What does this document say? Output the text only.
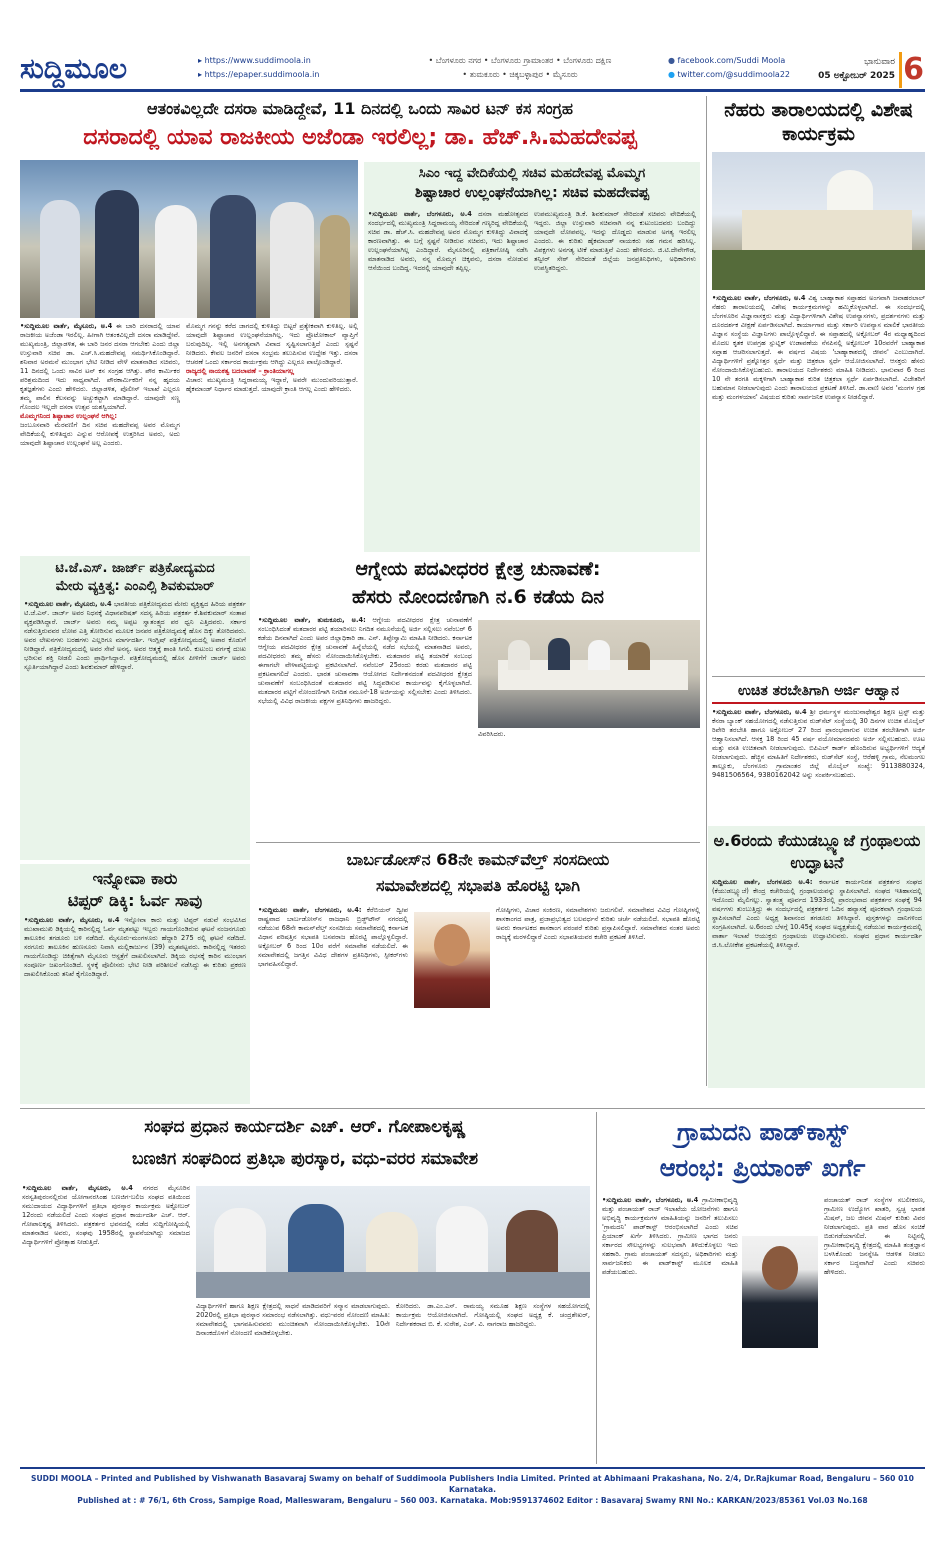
ಸುದ್ದಿಮೂಲ	▸ https://www.suddimoola.in
▸ https://epaper.suddimoola.in
• ಬೆಂಗಳೂರು ನಗರ • ಬೆಂಗಳೂರು ಗ್ರಾಮಾಂತರ • ಬೆಂಗಳೂರು ದಕ್ಷಿಣ
• ತುಮಕೂರು • ಚಿಕ್ಕಬಳ್ಳಾಪುರ • ಮೈಸೂರು
● facebook.com/Suddi Moola
● twitter.com/@suddimoola22
ಭಾನುವಾರ
05 ಅಕ್ಟೋಬರ್ 2025 6
ಆತಂಕವಿಲ್ಲದೇ ದಸರಾ ಮಾಡಿದ್ದೇವೆ, 11 ದಿನದಲ್ಲಿ ಒಂದು ಸಾವಿರ ಟನ್ ಕಸ ಸಂಗ್ರಹ
ದಸರಾದಲ್ಲಿ ಯಾವ ರಾಜಕೀಯ ಅಜೆಂಡಾ ಇರಲಿಲ್ಲ; ಡಾ. ಹೆಚ್.ಸಿ.ಮಹದೇವಪ್ಪ
•ಸುದ್ದಿಮೂಲ ವಾರ್ತೆ, ಮೈಸೂರು, ಅ.4 ಈ ಬಾರಿ ದಸರಾದಲ್ಲಿ ಯಾವ ರಾಜಕೀಯ ಅಜೆಂಡಾ ಇರಲಿಲ್ಲ. ಹೀಗಾಗಿ ಆತಂಕವಿಲ್ಲದೇ ದಸರಾ ಮಾಡಿದ್ದೇವೆ. ಮುಖ್ಯಮಂತ್ರಿ, ಜಿಲ್ಲಾಡಳಿತ, ಈ ಬಾರಿ ಜನರ ದಸರಾ ಆಗಬೇಕು ಎಂದು ಜಿಲ್ಲಾ ಉಸ್ತುವಾರಿ ಸಚಿವ ಡಾ. ಎಚ್.ಸಿ.ಮಹದೇವಪ್ಪ ಸಮರ್ಥಿಸಿಕೊಂಡಿದ್ದಾರೆ. ಶನಿವಾರ ಅರಮನೆ ಮುಂಭಾಗ ಭೇಟಿ ನೀಡಿದ ವೇಳೆ ಮಾತನಾಡಿದ ಸಚಿವರು, 11 ದಿನದಲ್ಲಿ ಒಂದು ಸಾವಿರ ಟನ್ ಕಸ ಸಂಗ್ರಹ ಆಗಿತ್ತು. ಪೌರ ಕಾರ್ಮಿಕರ ಪರಿಶ್ರಮದಿಂದ ಇದು ಸಾಧ್ಯವಾಗಿದೆ. ಪೌರಕಾರ್ಮಿಕರಿಗೆ ನನ್ನ ಹೃದಯ ಕೃತಜ್ಞತೆಗಳು ಎಂದು ಹೇಳಿದರು. ಜಿಲ್ಲಾಡಳಿತ, ಪೊಲೀಸ್ ಇಲಾಖೆ ಎಲ್ಲರೂ ತಮ್ಮ ಪಾಲಿನ ಕೆಲಸವನ್ನು ಅಚ್ಚುಕಟ್ಟಾಗಿ ಮಾಡಿದ್ದಾರೆ. ಯಾವುದೇ ಸಣ್ಣ ಗೊಂದಲ ಇಲ್ಲದೇ ದಸರಾ ಉತ್ಸವ ಯಶಸ್ವಿಯಾಗಿದೆ.
ಮೊಮ್ಮಗನಿಂದ ಶಿಷ್ಟಾಚಾರ ಉಲ್ಲಂಘನೆ ಆಗಿಲ್ಲ:
ಜಂಬೂಸವಾರಿ ಮೆರವಣಿಗೆ ದಿನ ಸಚಿವ ಮಹದೇವಪ್ಪ ಅವರ ಮೊಮ್ಮಗ ವೇದಿಕೆಯಲ್ಲಿ ಕುಳಿತಿದ್ದರು ಎನ್ನುವ ಆರೋಪಕ್ಕೆ ಉತ್ತರಿಸಿದ ಅವರು, ಅದು ಯಾವುದೇ ಶಿಷ್ಟಾಚಾರ ಉಲ್ಲಂಘನೆ ಅಲ್ಲ ಎಂದರು.
ಮೊಮ್ಮಗ ಗನನ್ನು ಕರೆದ ಜಾಗದಲ್ಲಿ ಕುಳಿತಿದ್ದು ಬಿಟ್ಟರೆ ಪ್ರತ್ಯೇಕವಾಗಿ ಕುಳಿತಿಲ್ಲ. ಅಲ್ಲಿ ಯಾವುದೇ ಶಿಷ್ಟಾಚಾರ ಉಲ್ಲಂಘನೆಯಾಗಿಲ್ಲ. ಇದು ಪ್ರೊಟೋಕಾಲ್ ವ್ಯಾಪ್ತಿಗೆ ಬರುವುದಿಲ್ಲ. ಇಲ್ಲಿ ಅನಗತ್ಯವಾಗಿ ವಿವಾದ ಸೃಷ್ಟಿಸಲಾಗುತ್ತಿದೆ ಎಂದು ಸ್ಪಷ್ಟನೆ ನೀಡಿದರು. ಕೇವಲ ಜನರಿಗೆ ದಸರಾ ಸಂಭ್ರಮ ತಲುಪಿಸುವ ಉದ್ದೇಶ ಇತ್ತು. ದಸರಾ ಆಚರಣೆ ಒಂದು ಸರ್ಕಾರದ ಕಾರ್ಯಕ್ರಮ ಆಗಿದ್ದು ಎಲ್ಲರೂ ಪಾಲ್ಗೊಂಡಿದ್ದಾರೆ.
ರಾಜ್ಯದಲ್ಲಿ ನಾಯಕತ್ವ ಬದಲಾವಣೆ – ಕ್ರಾಂತಿಯಾಗಲ್ಲ
ವಿಚಾರ: ಮುಖ್ಯಮಂತ್ರಿ ಸಿದ್ದರಾಮಯ್ಯ ಇದ್ದಾರೆ, ಅವರೇ ಮುಂದುವರಿಯುತ್ತಾರೆ. ಹೈಕಮಾಂಡ್ ನಿರ್ಧಾರ ಮಾಡುತ್ತದೆ. ಯಾವುದೇ ಕ್ರಾಂತಿ ಆಗಲ್ಲ ಎಂದು ಹೇಳಿದರು.
ಸಿಎಂ ಇದ್ದ ವೇದಿಕೆಯಲ್ಲಿ ಸಚಿವ ಮಹದೇವಪ್ಪ ಮೊಮ್ಮಗ
ಶಿಷ್ಟಾಚಾರ ಉಲ್ಲಂಘನೆಯಾಗಿಲ್ಲ: ಸಚಿವ ಮಹದೇವಪ್ಪ
•ಸುದ್ದಿಮೂಲ ವಾರ್ತೆ, ಬೆಂಗಳೂರು, ಅ.4 ದಸರಾ ಮಹೋತ್ಸವದ ಸಂದರ್ಭದಲ್ಲಿ ಮುಖ್ಯಮಂತ್ರಿ ಸಿದ್ದರಾಮಯ್ಯ ಸೇರಿದಂತೆ ಗಣ್ಯರಿದ್ದ ವೇದಿಕೆಯಲ್ಲಿ ಸಚಿವ ಡಾ. ಹೆಚ್.ಸಿ. ಮಹದೇವಪ್ಪ ಅವರ ಮೊಮ್ಮಗ ಕುಳಿತಿದ್ದು ವಿವಾದಕ್ಕೆ ಕಾರಣವಾಗಿತ್ತು. ಈ ಬಗ್ಗೆ ಸ್ಪಷ್ಟನೆ ನೀಡಿರುವ ಸಚಿವರು, ಇದು ಶಿಷ್ಟಾಚಾರ ಉಲ್ಲಂಘನೆಯಾಗಿಲ್ಲ ಎಂದಿದ್ದಾರೆ. ಮೈಸೂರಿನಲ್ಲಿ ಪತ್ರಿಕಾಗೋಷ್ಠಿ ನಡೆಸಿ ಮಾತನಾಡಿದ ಅವರು, ನನ್ನ ಮೊಮ್ಮಗ ಚಿಕ್ಕವನು, ದಸರಾ ನೋಡುವ ಆಸೆಯಿಂದ ಬಂದಿದ್ದ. ಇದರಲ್ಲಿ ಯಾವುದೇ ತಪ್ಪಿಲ್ಲ.
ಉಪಮುಖ್ಯಮಂತ್ರಿ ಡಿ.ಕೆ. ಶಿವಕುಮಾರ್ ಸೇರಿದಂತೆ ಸಚಿವರು ವೇದಿಕೆಯಲ್ಲಿ ಇದ್ದರು. ಜಿಲ್ಲಾ ಉಸ್ತುವಾರಿ ಸಚಿವನಾಗಿ ನನ್ನ ಕುಟುಂಬದವರು ಬಂದಿದ್ದು ಯಾವುದೇ ಲೋಪವಲ್ಲ. ಇದನ್ನು ದೊಡ್ಡದು ಮಾಡುವ ಅಗತ್ಯ ಇರಲಿಲ್ಲ ಎಂದರು. ಈ ಕುರಿತು ಹೈಕಮಾಂಡ್ ನಾಯಕರು ಸಹ ಗಮನ ಹರಿಸಿಲ್ಲ. ವಿಪಕ್ಷಗಳು ಅನಗತ್ಯ ಟೀಕೆ ಮಾಡುತ್ತಿವೆ ಎಂದು ಹೇಳಿದರು. ಜಿ.ಟಿ.ದೇವೇಗೌಡ, ತನ್ವೀರ್ ಸೇಠ್ ಸೇರಿದಂತೆ ಜಿಲ್ಲೆಯ ಜನಪ್ರತಿನಿಧಿಗಳು, ಅಧಿಕಾರಿಗಳು ಉಪಸ್ಥಿತರಿದ್ದರು.
ನೆಹರು ತಾರಾಲಯದಲ್ಲಿ ವಿಶೇಷ ಕಾರ್ಯಕ್ರಮ
•ಸುದ್ದಿಮೂಲ ವಾರ್ತೆ, ಬೆಂಗಳೂರು, ಅ.4 ವಿಶ್ವ ಬಾಹ್ಯಾಕಾಶ ಸಪ್ತಾಹದ ಅಂಗವಾಗಿ ಜವಾಹರಲಾಲ್ ನೆಹರು ತಾರಾಲಯದಲ್ಲಿ ವಿಶೇಷ ಕಾರ್ಯಕ್ರಮಗಳನ್ನು ಹಮ್ಮಿಕೊಳ್ಳಲಾಗಿದೆ. ಈ ಸಂದರ್ಭದಲ್ಲಿ ಬೆಂಗಳೂರಿನ ವಿಜ್ಞಾನಾಸಕ್ತರು ಮತ್ತು ವಿದ್ಯಾರ್ಥಿಗಳಿಗಾಗಿ ವಿಶೇಷ ಉಪನ್ಯಾಸಗಳು, ಪ್ರದರ್ಶನಗಳು ಮತ್ತು ದೂರದರ್ಶಕ ವೀಕ್ಷಣೆ ಏರ್ಪಡಿಸಲಾಗಿದೆ. ಕಾರ್ಯಾಗಾರ ಮತ್ತು ಸರ್ಕಾರಿ ಉಪನ್ಯಾಸ ಮಾಲಿಕೆ ಭಾರತೀಯ ವಿಜ್ಞಾನ ಸಂಸ್ಥೆಯ ವಿಜ್ಞಾನಿಗಳು ಪಾಲ್ಗೊಳ್ಳಲಿದ್ದಾರೆ. ಈ ಸಪ್ತಾಹದಲ್ಲಿ ಅಕ್ಟೋಬರ್ 4ರ ಮಧ್ಯಾಹ್ನದಿಂದ ಮೊದಲ ಕೃತಕ ಉಪಗ್ರಹ ಸ್ಪುಟ್ನಿಕ್ ಉಡಾವಣೆಯ ನೆನಪಿನಲ್ಲಿ ಅಕ್ಟೋಬರ್ 10ರವರೆಗೆ ಬಾಹ್ಯಾಕಾಶ ಸಪ್ತಾಹ ಆಚರಿಸಲಾಗುತ್ತದೆ. ಈ ವರ್ಷದ ವಿಷಯ 'ಬಾಹ್ಯಾಕಾಶದಲ್ಲಿ ಜೀವನ' ಎಂಬುದಾಗಿದೆ. ವಿದ್ಯಾರ್ಥಿಗಳಿಗೆ ಪ್ರಶ್ನೋತ್ತರ ಸ್ಪರ್ಧೆ ಮತ್ತು ಚಿತ್ರಕಲಾ ಸ್ಪರ್ಧೆ ಆಯೋಜಿಸಲಾಗಿದೆ. ಆಸಕ್ತರು ಹೆಸರು ನೋಂದಾಯಿಸಿಕೊಳ್ಳಬಹುದು. ತಾರಾಲಯದ ನಿರ್ದೇಶಕರು ಮಾಹಿತಿ ನೀಡಿದರು. ಭಾನುವಾರ 6 ರಿಂದ 10 ನೇ ತರಗತಿ ಮಕ್ಕಳಿಗಾಗಿ ಬಾಹ್ಯಾಕಾಶ ಕುರಿತ ಚಿತ್ರಕಲಾ ಸ್ಪರ್ಧೆ ಏರ್ಪಡಿಸಲಾಗಿದೆ. ವಿಜೇತರಿಗೆ ಬಹುಮಾನ ನೀಡಲಾಗುವುದು ಎಂದು ತಾರಾಲಯದ ಪ್ರಕಟಣೆ ತಿಳಿಸಿದೆ. ಡಾ.ವಾಣಿ ಅವರ 'ಮಂಗಳ ಗ್ರಹ ಮತ್ತು ಮಂಗಳಯಾನ' ವಿಷಯದ ಕುರಿತು ಸಾರ್ವಜನಿಕ ಉಪನ್ಯಾಸ ನೀಡಲಿದ್ದಾರೆ.
ಉಚಿತ ತರಬೇತಿಗಾಗಿ ಅರ್ಜಿ ಆಹ್ವಾನ
•ಸುದ್ದಿಮೂಲ ವಾರ್ತೆ, ಬೆಂಗಳೂರು, ಅ.4 ಶ್ರೀ ಧರ್ಮಸ್ಥಳ ಮಂಜುನಾಥೇಶ್ವರ ಶಿಕ್ಷಣ ಟ್ರಸ್ಟ್ ಮತ್ತು ಕೆನರಾ ಬ್ಯಾಂಕ್ ಸಹಯೋಗದಲ್ಲಿ ನಡೆಸುತ್ತಿರುವ ರುಡ್‌ಸೆಟ್ ಸಂಸ್ಥೆಯಲ್ಲಿ 30 ದಿನಗಳ ಉಚಿತ ಮೊಬೈಲ್ ರಿಪೇರಿ ತರಬೇತಿ ಹಾಗೂ ಅಕ್ಟೋಬರ್ 27 ರಿಂದ ಪ್ರಾರಂಭವಾಗುವ ಉಚಿತ ತರಬೇತಿಗಾಗಿ ಅರ್ಜಿ ಆಹ್ವಾನಿಸಲಾಗಿದೆ. ಆಸಕ್ತ 18 ರಿಂದ 45 ವರ್ಷ ವಯೋಮಾನದವರು ಅರ್ಜಿ ಸಲ್ಲಿಸಬಹುದು. ಊಟ ಮತ್ತು ವಸತಿ ಉಚಿತವಾಗಿ ನೀಡಲಾಗುವುದು. ಬಿಪಿಎಲ್ ಕಾರ್ಡ್ ಹೊಂದಿರುವ ಅಭ್ಯರ್ಥಿಗಳಿಗೆ ಆದ್ಯತೆ ನೀಡಲಾಗುವುದು. ಹೆಚ್ಚಿನ ಮಾಹಿತಿಗೆ ನಿರ್ದೇಶಕರು, ರುಡ್‌ಸೆಟ್ ಸಂಸ್ಥೆ, ಆರೆಹಳ್ಳಿ ಗ್ರಾಮ, ನೆಲಮಂಗಲ ತಾಲ್ಲೂಕು, ಬೆಂಗಳೂರು ಗ್ರಾಮಾಂತರ ಜಿಲ್ಲೆ ಮೊಬೈಲ್ ಸಂಖ್ಯೆ: 9113880324, 9481506564, 9380162042 ಅನ್ನು ಸಂಪರ್ಕಿಸಬಹುದು.
ಅ.6ರಂದು ಕೆಯುಡಬ್ಲ್ಯೂಜೆ ಗ್ರಂಥಾಲಯ ಉದ್ಘಾಟನೆ
ಸುದ್ದಿಮೂಲ ವಾರ್ತೆ, ಬೆಂಗಳೂರು ಅ.4: ಕರ್ನಾಟಕ ಕಾರ್ಯನಿರತ ಪತ್ರಕರ್ತರ ಸಂಘದ (ಕೆಯುಡಬ್ಲ್ಯೂಜೆ) ಕೇಂದ್ರ ಕಚೇರಿಯಲ್ಲಿ ಗ್ರಂಥಾಲಯವನ್ನು ಸ್ಥಾಪಿಸಲಾಗಿದೆ. ಸಂಘದ ಇತಿಹಾಸದಲ್ಲಿ ಇದೊಂದು ಮೈಲಿಗಲ್ಲು. ಸ್ವಾತಂತ್ರ್ಯ ಪೂರ್ವದ 1933ರಲ್ಲಿ ಪ್ರಾರಂಭವಾದ ಪತ್ರಕರ್ತರ ಸಂಘಕ್ಕೆ 94 ವರ್ಷಗಳು ತುಂಬುತ್ತಿದ್ದು ಈ ಸಂದರ್ಭದಲ್ಲಿ ಪತ್ರಕರ್ತರ ಓದಿನ ಹವ್ಯಾಸಕ್ಕೆ ಪೂರಕವಾಗಿ ಗ್ರಂಥಾಲಯ ಸ್ಥಾಪಿಸಲಾಗಿದೆ ಎಂದು ಅಧ್ಯಕ್ಷ ಶಿವಾನಂದ ತಗಡೂರು ತಿಳಿಸಿದ್ದಾರೆ. ಪುಸ್ತಕಗಳನ್ನು ದಾನಿಗಳಿಂದ ಸಂಗ್ರಹಿಸಲಾಗಿದೆ. ಅ.6ರಂದು ಬೆಳಗ್ಗೆ 10.45ಕ್ಕೆ ಸಂಘದ ಅಧ್ಯಕ್ಷತೆಯಲ್ಲಿ ನಡೆಯುವ ಕಾರ್ಯಕ್ರಮದಲ್ಲಿ ವಾರ್ತಾ ಇಲಾಖೆ ಆಯುಕ್ತರು ಗ್ರಂಥಾಲಯ ಉದ್ಘಾಟಿಸುವರು. ಸಂಘದ ಪ್ರಧಾನ ಕಾರ್ಯದರ್ಶಿ ಜಿ.ಸಿ.ಲೋಕೇಶ ಪ್ರಕಟಣೆಯಲ್ಲಿ ತಿಳಿಸಿದ್ದಾರೆ.
ಟಿ.ಜೆ.ಎಸ್. ಜಾರ್ಜ್ ಪತ್ರಿಕೋದ್ಯಮದ
ಮೇರು ವ್ಯಕ್ತಿತ್ವ: ಎಂಎಲ್ಸಿ ಶಿವಕುಮಾರ್
•ಸುದ್ದಿಮೂಲ ವಾರ್ತೆ, ಮೈಸೂರು, ಅ.4 ಭಾರತೀಯ ಪತ್ರಿಕೋದ್ಯಮದ ಮೇರು ವ್ಯಕ್ತಿತ್ವದ ಹಿರಿಯ ಪತ್ರಕರ್ತ ಟಿ.ಜೆ.ಎಸ್. ಜಾರ್ಜ್ ಅವರ ನಿಧನಕ್ಕೆ ವಿಧಾನಪರಿಷತ್ ಸದಸ್ಯ ಹಿರಿಯ ಪತ್ರಕರ್ತ ಕೆ.ಶಿವಕುಮಾರ್ ಸಂತಾಪ ವ್ಯಕ್ತಪಡಿಸಿದ್ದಾರೆ. ಜಾರ್ಜ್ ಅವರು ನಮ್ಮ ಅಪ್ಪಟ ಸ್ವಾತಂತ್ರ್ಯದ ಪರ ಧ್ವನಿ ಎತ್ತಿದವರು. ಸರ್ಕಾರ ನಡೆಸುತ್ತಿರುವವರ ಲೋಪ ಎತ್ತಿ ತೋರಿಸುವ ಮೂಲಕ ಜನಪರ ಪತ್ರಿಕೋದ್ಯಮಕ್ಕೆ ಹೊಸ ದಿಕ್ಕು ತೋರಿದವರು. ಅವರ ಲೇಖನಗಳು ಬರಹಗಳು ಎಲ್ಲರಿಗೂ ಮಾರ್ಗದರ್ಶಿ. ಇಂಗ್ಲಿಷ್ ಪತ್ರಿಕೋದ್ಯಮದಲ್ಲಿ ಅಪಾರ ಕೊಡುಗೆ ನೀಡಿದ್ದಾರೆ. ಪತ್ರಿಕೋದ್ಯಮದಲ್ಲಿ ಅವರ ಸೇವೆ ಅನನ್ಯ. ಅವರ ಆತ್ಮಕ್ಕೆ ಶಾಂತಿ ಸಿಗಲಿ. ಕುಟುಂಬ ವರ್ಗಕ್ಕೆ ದುಃಖ ಭರಿಸುವ ಶಕ್ತಿ ನೀಡಲಿ ಎಂದು ಪ್ರಾರ್ಥಿಸಿದ್ದಾರೆ. ಪತ್ರಿಕೋದ್ಯಮದಲ್ಲಿ ಹೊಸ ಪೀಳಿಗೆಗೆ ಜಾರ್ಜ್ ಅವರು ಸ್ಫೂರ್ತಿಯಾಗಿದ್ದಾರೆ ಎಂದು ಶಿವಕುಮಾರ್ ಹೇಳಿದ್ದಾರೆ.
ಆಗ್ನೇಯ ಪದವೀಧರರ ಕ್ಷೇತ್ರ ಚುನಾವಣೆ:
ಹೆಸರು ನೋಂದಣಿಗಾಗಿ ನ.6 ಕಡೆಯ ದಿನ
•ಸುದ್ದಿಮೂಲ ವಾರ್ತೆ, ತುಮಕೂರು, ಅ.4: ಆಗ್ನೇಯ ಪದವೀಧರರ ಕ್ಷೇತ್ರ ಚುನಾವಣೆಗೆ ಸಂಬಂಧಿಸಿದಂತೆ ಮತದಾರರ ಪಟ್ಟಿ ತಯಾರಿಸಲು ನಿಗದಿತ ನಮೂನೆಯಲ್ಲಿ ಅರ್ಜಿ ಸಲ್ಲಿಸಲು ನವೆಂಬರ್ 6 ಕಡೆಯ ದಿನವಾಗಿದೆ ಎಂದು ಅಪರ ಜಿಲ್ಲಾಧಿಕಾರಿ ಡಾ. ಎನ್. ತಿಪ್ಪೇಸ್ವಾಮಿ ಮಾಹಿತಿ ನೀಡಿದರು. ಕರ್ನಾಟಕ ಆಗ್ನೇಯ ಪದವೀಧರರ ಕ್ಷೇತ್ರ ಚುನಾವಣೆ ಹಿನ್ನೆಲೆಯಲ್ಲಿ ನಡೆದ ಸಭೆಯಲ್ಲಿ ಮಾತನಾಡಿದ ಅವರು, ಪದವೀಧರರು ತಮ್ಮ ಹೆಸರು ನೋಂದಾಯಿಸಿಕೊಳ್ಳಬೇಕು. ಮತದಾರರ ಪಟ್ಟಿ ತಯಾರಿಕೆ ಸಂಬಂಧ ಈಗಾಗಲೇ ವೇಳಾಪಟ್ಟಿಯನ್ನು ಪ್ರಕಟಿಸಲಾಗಿದೆ. ನವೆಂಬರ್ 25ರಂದು ಕರಡು ಮತದಾರರ ಪಟ್ಟಿ ಪ್ರಕಟವಾಗಲಿದೆ ಎಂದರು. ಭಾರತ ಚುನಾವಣಾ ಆಯೋಗದ ನಿರ್ದೇಶನದಂತೆ ಪದವೀಧರರ ಕ್ಷೇತ್ರದ ಚುನಾವಣೆಗೆ ಸಂಬಂಧಿಸಿದಂತೆ ಮತದಾರರ ಪಟ್ಟಿ ಸಿದ್ಧಪಡಿಸುವ ಕಾರ್ಯವನ್ನು ಕೈಗೊಳ್ಳಲಾಗಿದೆ. ಮತದಾರರ ಪಟ್ಟಿಗೆ ನೋಂದಣಿಗಾಗಿ ನಿಗದಿತ ನಮೂನೆ-18 ಅರ್ಜಿಯನ್ನು ಸಲ್ಲಿಸಬೇಕು ಎಂದು ತಿಳಿಸಿದರು. ಸಭೆಯಲ್ಲಿ ವಿವಿಧ ರಾಜಕೀಯ ಪಕ್ಷಗಳ ಪ್ರತಿನಿಧಿಗಳು ಹಾಜರಿದ್ದರು.
ವಿವರಿಸಿದರು.
ಇನ್ನೋವಾ ಕಾರು
ಟಿಪ್ಪರ್ ಡಿಕ್ಕಿ: ಓರ್ವ ಸಾವು
•ಸುದ್ದಿಮೂಲ ವಾರ್ತೆ, ಮೈಸೂರು, ಅ.4 ಇನ್ನೋವಾ ಕಾರು ಮತ್ತು ಟಿಪ್ಪರ್ ನಡುವೆ ಸಂಭವಿಸಿದ ಮುಖಾಮುಖಿ ಡಿಕ್ಕಿಯಲ್ಲಿ ಕಾರಿನಲ್ಲಿದ್ದ ಓರ್ವ ಮೃತಪಟ್ಟು ಇಬ್ಬರು ಗಾಯಗೊಂಡಿರುವ ಘಟನೆ ನಂಜನಗೂಡು ತಾಲೂಕಿನ ತಗಡೂರು ಬಳಿ ನಡೆದಿದೆ. ಮೈಸೂರು-ಮಂಗಳೂರು ಹೆದ್ದಾರಿ 275 ರಲ್ಲಿ ಘಟನೆ ನಡೆದಿದೆ. ಸರಗೂರು ತಾಲೂಕಿನ ಹುಣಸೂರು ನಿವಾಸಿ ಮಲ್ಲಿಕಾರ್ಜುನ (39) ಮೃತಪಟ್ಟವರು. ಕಾರಿನಲ್ಲಿದ್ದ ಇತರರು ಗಾಯಗೊಂಡಿದ್ದು ಚಿಕಿತ್ಸೆಗಾಗಿ ಮೈಸೂರು ಆಸ್ಪತ್ರೆಗೆ ದಾಖಲಿಸಲಾಗಿದೆ. ಡಿಕ್ಕಿಯ ರಭಸಕ್ಕೆ ಕಾರಿನ ಮುಂಭಾಗ ಸಂಪೂರ್ಣ ಜಖಂಗೊಂಡಿದೆ. ಸ್ಥಳಕ್ಕೆ ಪೊಲೀಸರು ಭೇಟಿ ನೀಡಿ ಪರಿಶೀಲನೆ ನಡೆಸಿದ್ದು ಈ ಕುರಿತು ಪ್ರಕರಣ ದಾಖಲಿಸಿಕೊಂಡು ತನಿಖೆ ಕೈಗೊಂಡಿದ್ದಾರೆ.
ಬಾರ್ಬಡೋಸ್‌ನ 68ನೇ ಕಾಮನ್‌ವೆಲ್ತ್ ಸಂಸದೀಯ
ಸಮಾವೇಶದಲ್ಲಿ ಸಭಾಪತಿ ಹೊರಟ್ಟಿ ಭಾಗಿ
•ಸುದ್ದಿಮೂಲ ವಾರ್ತೆ, ಬೆಂಗಳೂರು, ಅ.4: ಕೆರೆಬಿಯನ್ ದ್ವೀಪ ರಾಷ್ಟ್ರವಾದ ಬಾರ್ಬಡೋಸ್‌ನ ರಾಜಧಾನಿ ಬ್ರಿಡ್ಜ್‌ಟೌನ್ ನಗರದಲ್ಲಿ ನಡೆಯುವ 68ನೇ ಕಾಮನ್‌ವೆಲ್ತ್ ಸಂಸದೀಯ ಸಮಾವೇಶದಲ್ಲಿ ಕರ್ನಾಟಕ ವಿಧಾನ ಪರಿಷತ್ತಿನ ಸಭಾಪತಿ ಬಸವರಾಜ ಹೊರಟ್ಟಿ ಪಾಲ್ಗೊಳ್ಳಲಿದ್ದಾರೆ. ಅಕ್ಟೋಬರ್ 6 ರಿಂದ 10ರ ವರೆಗೆ ಸಮಾವೇಶ ನಡೆಯಲಿದೆ. ಈ ಸಮಾವೇಶದಲ್ಲಿ ಜಗತ್ತಿನ ವಿವಿಧ ದೇಶಗಳ ಪ್ರತಿನಿಧಿಗಳು, ಸ್ಪೀಕರ್‌ಗಳು ಭಾಗವಹಿಸಲಿದ್ದಾರೆ.
ಗೋಷ್ಠಿಗಳು, ವಿಚಾರ ಸಂಕಿರಣ, ಸಮಾವೇಶಗಳು ಜರುಗಲಿವೆ. ಸಮಾವೇಶದ ವಿವಿಧ ಗೋಷ್ಠಿಗಳಲ್ಲಿ ಶಾಸಕಾಂಗದ ಪಾತ್ರ, ಪ್ರಜಾಪ್ರಭುತ್ವದ ಬಲವರ್ಧನೆ ಕುರಿತು ಚರ್ಚೆ ನಡೆಯಲಿದೆ. ಸಭಾಪತಿ ಹೊರಟ್ಟಿ ಅವರು ಕರ್ನಾಟಕದ ಶಾಸಕಾಂಗ ಪರಂಪರೆ ಕುರಿತು ಪ್ರಸ್ತಾಪಿಸಲಿದ್ದಾರೆ. ಸಮಾವೇಶದ ನಂತರ ಅವರು ರಾಜ್ಯಕ್ಕೆ ಮರಳಲಿದ್ದಾರೆ ಎಂದು ಸಭಾಪತಿಯವರ ಕಚೇರಿ ಪ್ರಕಟಣೆ ತಿಳಿಸಿದೆ.
ಸಂಘದ ಪ್ರಧಾನ ಕಾರ್ಯದರ್ಶಿ ಎಚ್. ಆರ್. ಗೋಪಾಲಕೃಷ್ಣ
ಬಣಜಿಗ ಸಂಘದಿಂದ ಪ್ರತಿಭಾ ಪುರಸ್ಕಾರ, ವಧು-ವರರ ಸಮಾವೇಶ
•ಸುದ್ದಿಮೂಲ ವಾರ್ತೆ, ಮೈಸೂರು, ಅ.4 ನಗರದ ಮೈಸೂರಿನ ಸರಸ್ವತಿಪುರಂನಲ್ಲಿರುವ ಯೋಗಾನರಸಿಂಹ ಬಣಜಿಗ-ಬಲಿಜ ಸಂಘದ ವತಿಯಿಂದ ಸಮುದಾಯದ ವಿದ್ಯಾರ್ಥಿಗಳಿಗೆ ಪ್ರತಿಭಾ ಪುರಸ್ಕಾರ ಕಾರ್ಯಕ್ರಮ ಅಕ್ಟೋಬರ್ 12ರಂದು ನಡೆಯಲಿದೆ ಎಂದು ಸಂಘದ ಪ್ರಧಾನ ಕಾರ್ಯದರ್ಶಿ ಎಚ್. ಆರ್. ಗೋಪಾಲಕೃಷ್ಣ ತಿಳಿಸಿದರು. ಪತ್ರಕರ್ತರ ಭವನದಲ್ಲಿ ನಡೆದ ಸುದ್ದಿಗೋಷ್ಠಿಯಲ್ಲಿ ಮಾತನಾಡಿದ ಅವರು, ಸಂಘವು 1958ರಲ್ಲಿ ಸ್ಥಾಪನೆಯಾಗಿದ್ದು ಸಮಾಜದ ವಿದ್ಯಾರ್ಥಿಗಳಿಗೆ ಪ್ರೋತ್ಸಾಹ ನೀಡುತ್ತಿದೆ.
ವಿದ್ಯಾರ್ಥಿಗಳಿಗೆ ಹಾಗೂ ಶಿಕ್ಷಣ ಕ್ಷೇತ್ರದಲ್ಲಿ ಸಾಧನೆ ಮಾಡಿದವರಿಗೆ ಸನ್ಮಾನ ಮಾಡಲಾಗುವುದು. 2020ರಲ್ಲಿ ಪ್ರತಿಭಾ ಪುರಸ್ಕಾರ ಸಮಾರಂಭ ನಡೆಸಲಾಗಿತ್ತು. ವಧು-ವರರ ನೋಂದಣಿ ಮಾಹಿತಿ: ಸಮಾವೇಶದಲ್ಲಿ ಭಾಗವಹಿಸುವವರು ಮುಂಚಿತವಾಗಿ ನೋಂದಾಯಿಸಿಕೊಳ್ಳಬೇಕು. 10ನೇ ದಿನಾಂಕದೊಳಗೆ ನೋಂದಣಿ ಮಾಡಿಕೊಳ್ಳಬೇಕು.
ಕೋರಿದರು. ಡಾ.ಎಂ.ಎಸ್. ರಾಮಯ್ಯ ಸಮೂಹ ಶಿಕ್ಷಣ ಸಂಸ್ಥೆಗಳ ಸಹಯೋಗದಲ್ಲಿ ಕಾರ್ಯಕ್ರಮ ಆಯೋಜಿಸಲಾಗಿದೆ. ಗೋಷ್ಠಿಯಲ್ಲಿ ಸಂಘದ ಅಧ್ಯಕ್ಷ ಕೆ. ಚಂದ್ರಶೇಖರ್, ನಿರ್ದೇಶಕರಾದ ಬಿ. ಕೆ. ಸುರೇಶ, ಎಚ್. ವಿ. ನಾಗರಾಜ ಹಾಜರಿದ್ದರು.
ಗ್ರಾಮದನಿ ಪಾಡ್‌ಕಾಸ್ಟ್
ಆರಂಭ: ಪ್ರಿಯಾಂಕ್ ಖರ್ಗೆ
•ಸುದ್ದಿಮೂಲ ವಾರ್ತೆ, ಬೆಂಗಳೂರು, ಅ.4 ಗ್ರಾಮೀಣಾಭಿವೃದ್ಧಿ ಮತ್ತು ಪಂಚಾಯತ್ ರಾಜ್ ಇಲಾಖೆಯ ಯೋಜನೆಗಳು ಹಾಗೂ ಅಭಿವೃದ್ಧಿ ಕಾರ್ಯಕ್ರಮಗಳ ಮಾಹಿತಿಯನ್ನು ಜನರಿಗೆ ತಲುಪಿಸಲು 'ಗ್ರಾಮದನಿ' ಪಾಡ್‌ಕಾಸ್ಟ್ ಆರಂಭಿಸಲಾಗಿದೆ ಎಂದು ಸಚಿವ ಪ್ರಿಯಾಂಕ್ ಖರ್ಗೆ ತಿಳಿಸಿದರು. ಗ್ರಾಮೀಣ ಭಾಗದ ಜನರು ಸರ್ಕಾರದ ಸೌಲಭ್ಯಗಳನ್ನು ಸುಲಭವಾಗಿ ತಿಳಿದುಕೊಳ್ಳಲು ಇದು ಸಹಕಾರಿ. ಗ್ರಾಮ ಪಂಚಾಯತ್ ಸದಸ್ಯರು, ಅಧಿಕಾರಿಗಳು ಮತ್ತು ಸಾರ್ವಜನಿಕರು ಈ ಪಾಡ್‌ಕಾಸ್ಟ್ ಮೂಲಕ ಮಾಹಿತಿ ಪಡೆಯಬಹುದು.
ಪಂಚಾಯತ್ ರಾಜ್ ಸಂಸ್ಥೆಗಳ ಸಬಲೀಕರಣ, ಗ್ರಾಮೀಣ ಉದ್ಯೋಗ ಖಾತರಿ, ಸ್ವಚ್ಛ ಭಾರತ ಮಿಷನ್, ಜಲ ಜೀವನ ಮಿಷನ್ ಕುರಿತು ವಿವರ ನೀಡಲಾಗುವುದು. ಪ್ರತಿ ವಾರ ಹೊಸ ಸಂಚಿಕೆ ಬಿಡುಗಡೆಯಾಗಲಿದೆ. ಈ ನಿಟ್ಟಿನಲ್ಲಿ ಗ್ರಾಮೀಣಾಭಿವೃದ್ಧಿ ಕ್ಷೇತ್ರದಲ್ಲಿ ಮಾಹಿತಿ ತಂತ್ರಜ್ಞಾನ ಬಳಸಿಕೊಂಡು ಜನಸ್ನೇಹಿ ಆಡಳಿತ ನೀಡಲು ಸರ್ಕಾರ ಬದ್ಧವಾಗಿದೆ ಎಂದು ಸಚಿವರು ಹೇಳಿದರು.
SUDDI MOOLA – Printed and Published by Vishwanath Basavaraj Swamy on behalf of Suddimoola Publishers India Limited. Printed at Abhimaani Prakashana, No. 2/4, Dr.Rajkumar Road, Bengaluru – 560 010 Karnataka.
Published at : # 76/1, 6th Cross, Sampige Road, Malleswaram, Bengaluru – 560 003. Karnataka. Mob:9591374602 Editor : Basavaraj Swamy RNI No.: KARKAN/2023/85361 Vol.03 No.168
